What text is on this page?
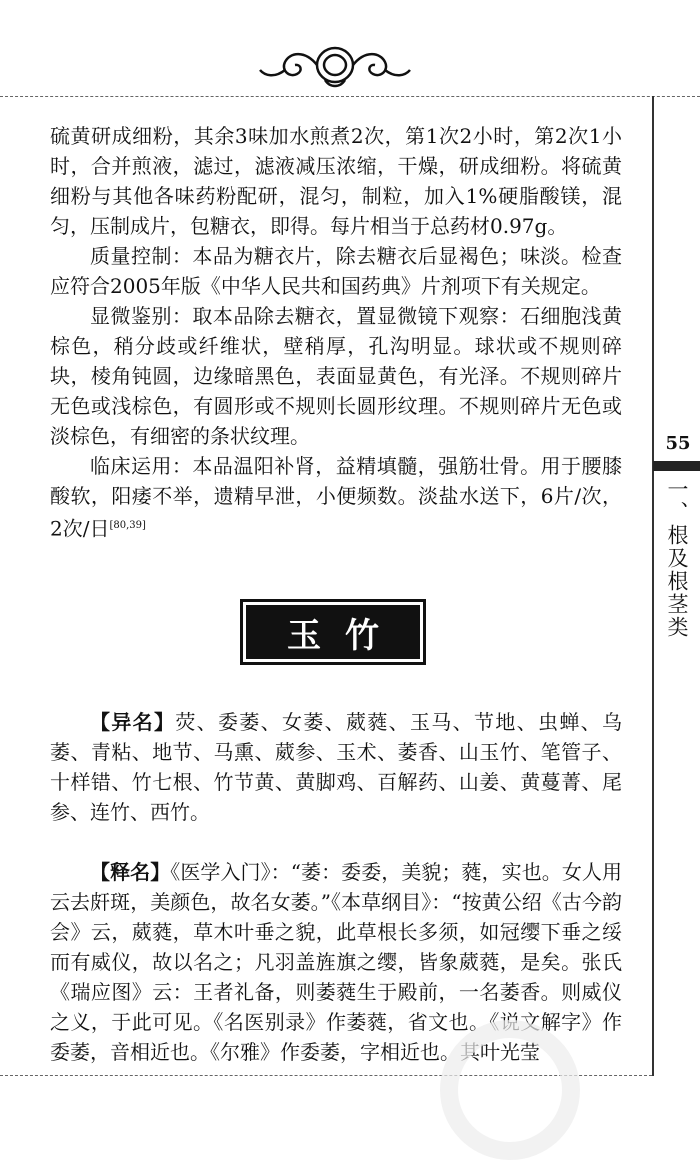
55
一、根及根茎类

硫黄研成细粉，其余3味加水煎煮2次，第1次2小时，第2次1小时，合并煎液，滤过，滤液减压浓缩，干燥，研成细粉。将硫黄细粉与其他各味药粉配研，混匀，制粒，加入1%硬脂酸镁，混匀，压制成片，包糖衣，即得。每片相当于总药材0.97g。

质量控制：本品为糖衣片，除去糖衣后显褐色；味淡。检查应符合2005年版《中华人民共和国药典》片剂项下有关规定。

显微鉴别：取本品除去糖衣，置显微镜下观察：石细胞浅黄棕色，稍分歧或纤维状，壁稍厚，孔沟明显。球状或不规则碎块，棱角钝圆，边缘暗黑色，表面显黄色，有光泽。不规则碎片无色或浅棕色，有圆形或不规则长圆形纹理。不规则碎片无色或淡棕色，有细密的条状纹理。

临床运用：本品温阳补肾，益精填髓，强筋壮骨。用于腰膝酸软，阳痿不举，遗精早泄，小便频数。淡盐水送下，6片/次，2次/日[80,39]

玉竹

【异名】荧、委萎、女萎、葳蕤、玉马、节地、虫蝉、乌萎、青粘、地节、马熏、葳参、玉术、萎香、山玉竹、笔管子、十样错、竹七根、竹节黄、黄脚鸡、百解药、山姜、黄蔓菁、尾参、连竹、西竹。

【释名】《医学入门》：“萎：委委，美貌；蕤，实也。女人用云去皯斑，美颜色，故名女萎。”《本草纲目》：“按黄公绍《古今韵会》云，葳蕤，草木叶垂之貌，此草根长多须，如冠缨下垂之绥而有威仪，故以名之；凡羽盖旌旗之缨，皆象葳蕤，是矣。张氏《瑞应图》云：王者礼备，则萎蕤生于殿前，一名萎香。则威仪之义，于此可见。《名医别录》作萎蕤，省文也。《说文解字》作委萎，音相近也。《尔雅》作委萎，字相近也。其叶光莹
